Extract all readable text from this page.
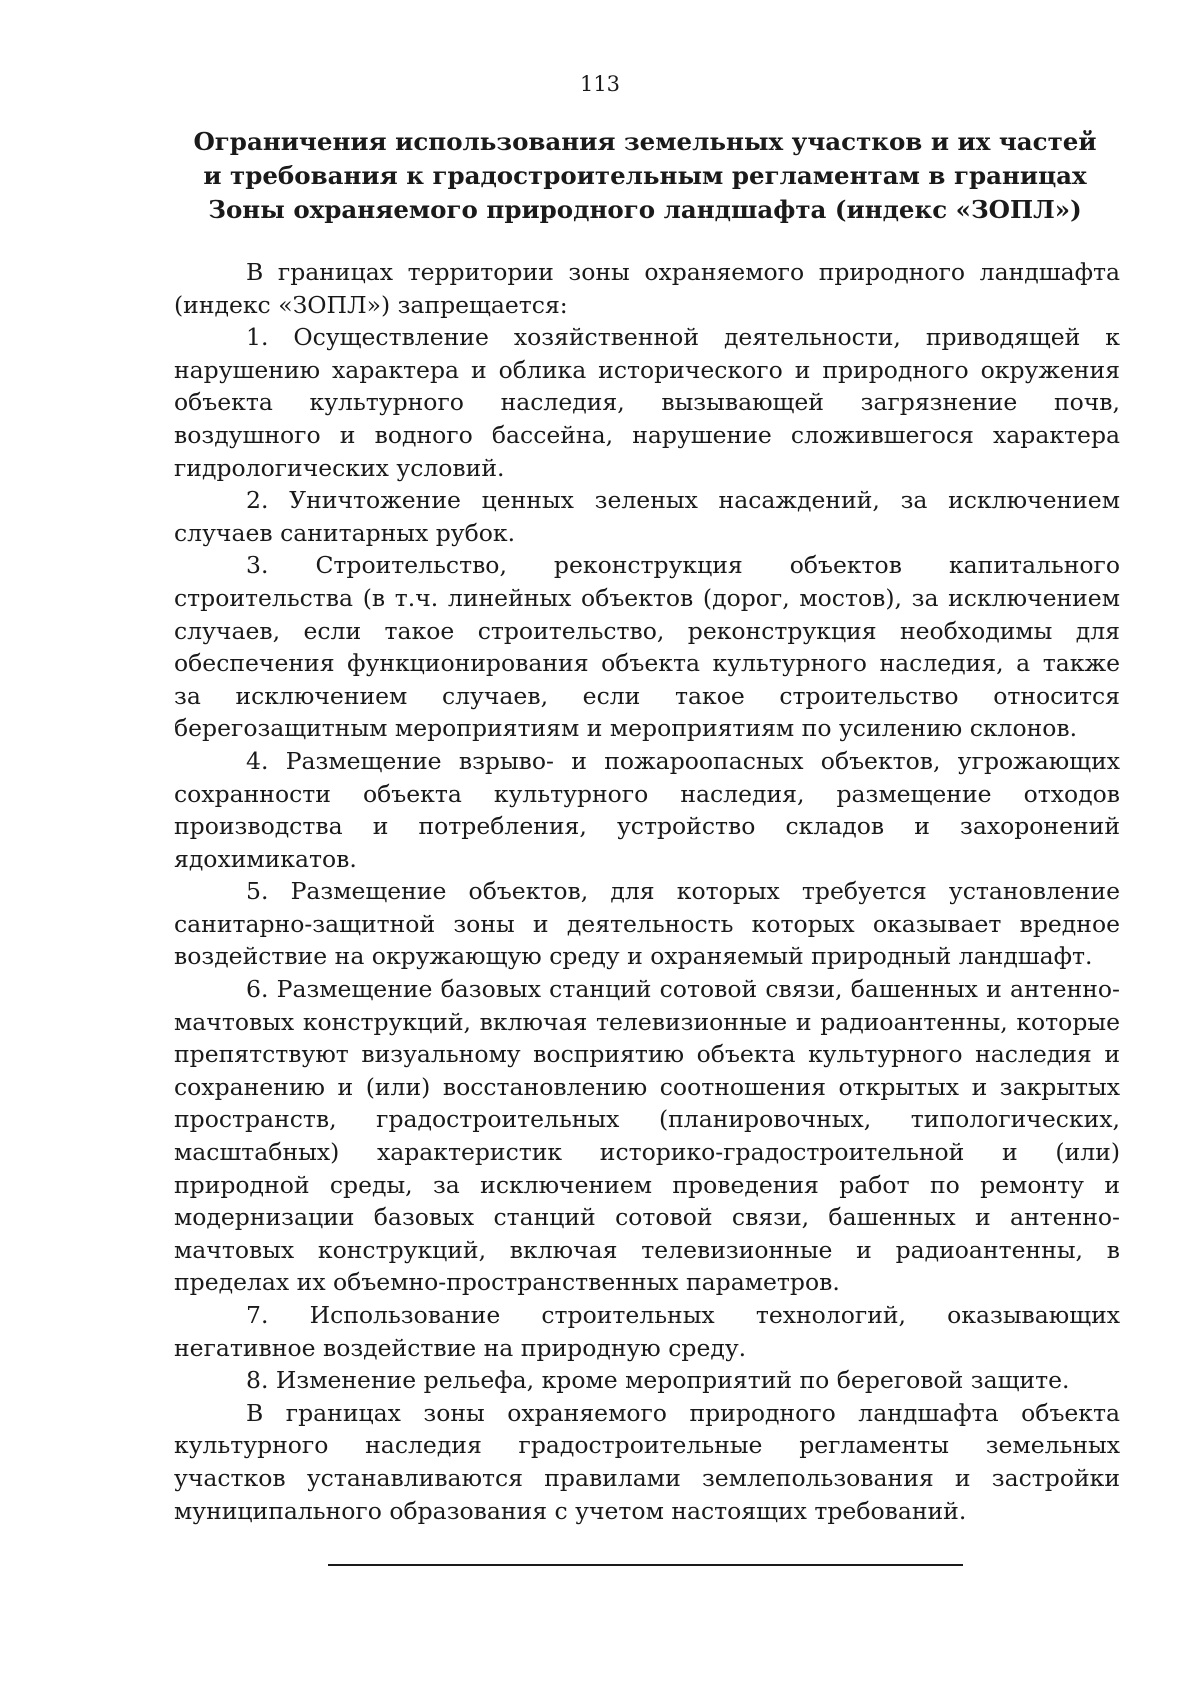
113
Ограничения использования земельных участков и их частей
и требования к градостроительным регламентам в границах
Зоны охраняемого природного ландшафта (индекс «ЗОПЛ»)

В границах территории зоны охраняемого природного ландшафта (индекс «ЗОПЛ») запрещается:

1. Осуществление хозяйственной деятельности, приводящей к нарушению характера и облика исторического и природного окружения объекта культурного наследия, вызывающей загрязнение почв, воздушного и водного бассейна, нарушение сложившегося характера гидрологических условий.

2. Уничтожение ценных зеленых насаждений, за исключением случаев санитарных рубок.

3. Строительство, реконструкция объектов капитального строительства (в т.ч. линейных объектов (дорог, мостов), за исключением случаев, если такое строительство, реконструкция необходимы для обеспечения функционирования объекта культурного наследия, а также за исключением случаев, если такое строительство относится берегозащитным мероприятиям и мероприятиям по усилению склонов.

4. Размещение взрыво- и пожароопасных объектов, угрожающих сохранности объекта культурного наследия, размещение отходов производства и потребления, устройство складов и захоронений ядохимикатов.

5. Размещение объектов, для которых требуется установление санитарно-защитной зоны и деятельность которых оказывает вредное воздействие на окружающую среду и охраняемый природный ландшафт.

6. Размещение базовых станций сотовой связи, башенных и антенно-мачтовых конструкций, включая телевизионные и радиоантенны, которые препятствуют визуальному восприятию объекта культурного наследия и сохранению и (или) восстановлению соотношения открытых и закрытых пространств, градостроительных (планировочных, типологических, масштабных) характеристик историко-градостроительной и (или) природной среды, за исключением проведения работ по ремонту и модернизации базовых станций сотовой связи, башенных и антенно-мачтовых конструкций, включая телевизионные и радиоантенны, в пределах их объемно-пространственных параметров.

7. Использование строительных технологий, оказывающих негативное воздействие на природную среду.

8. Изменение рельефа, кроме мероприятий по береговой защите.

В границах зоны охраняемого природного ландшафта объекта культурного наследия градостроительные регламенты земельных участков устанавливаются правилами землепользования и застройки муниципального образования с учетом настоящих требований.
